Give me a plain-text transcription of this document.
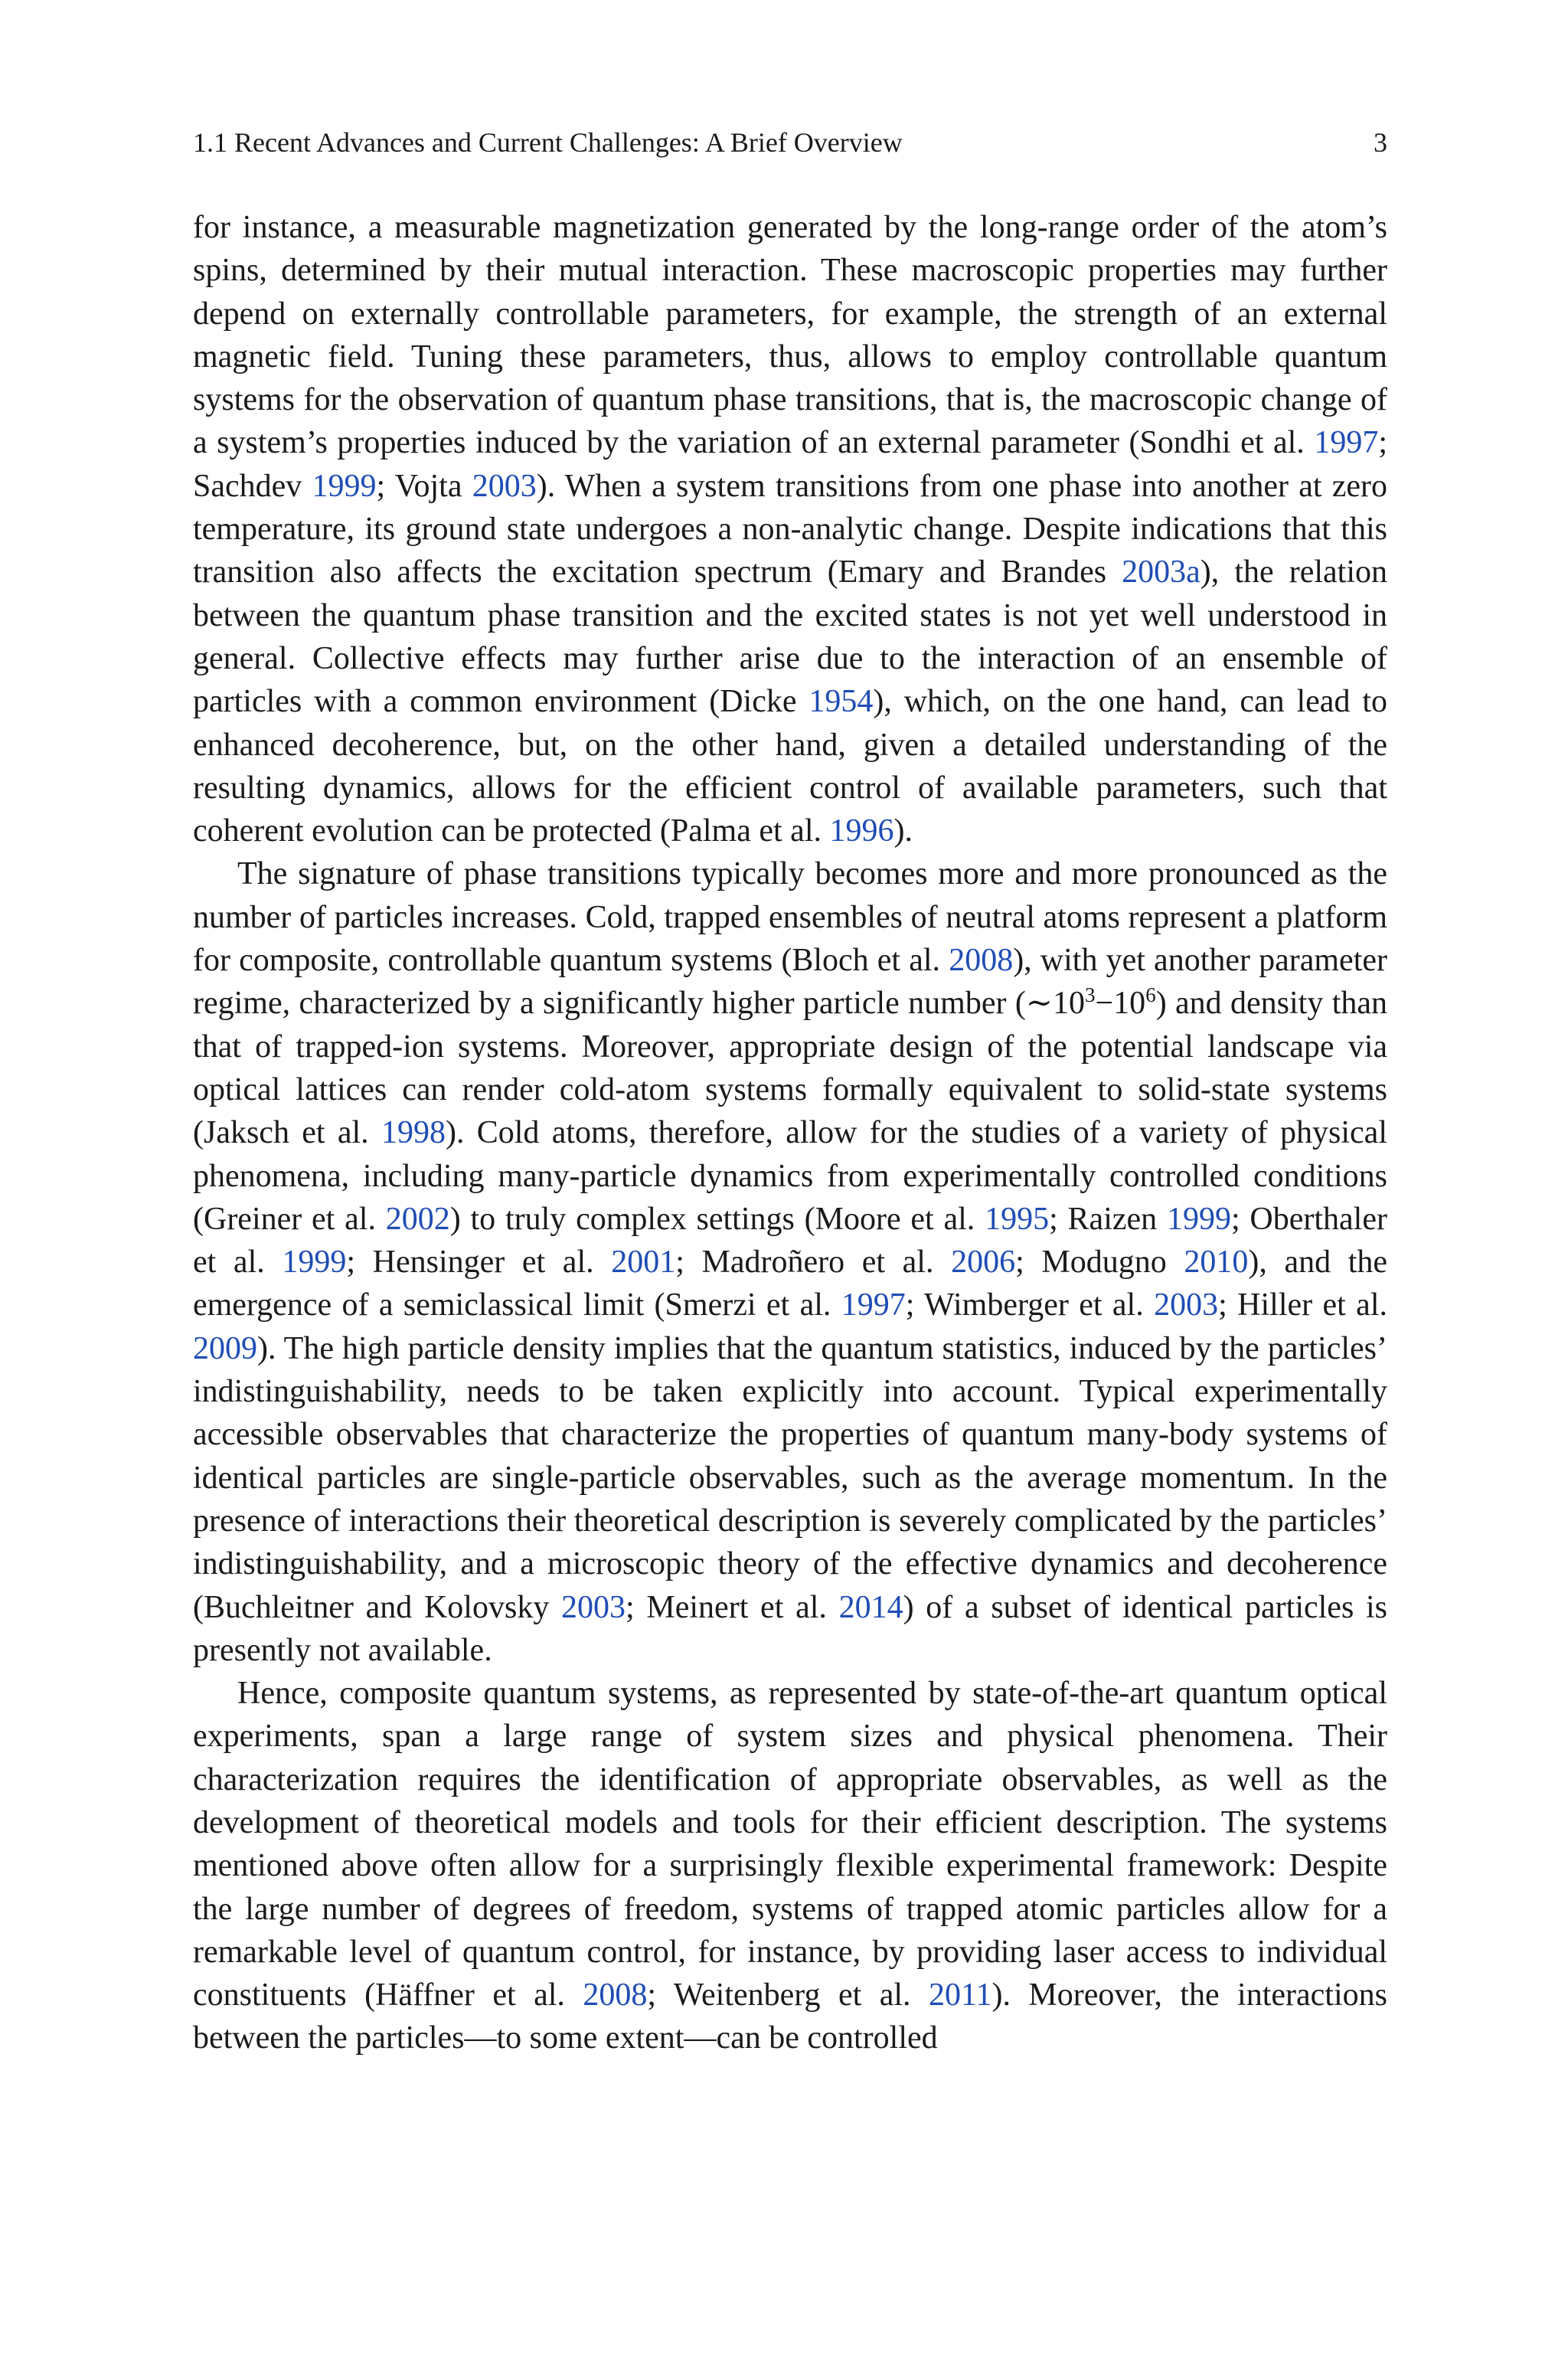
1.1 Recent Advances and Current Challenges: A Brief Overview	3

for instance, a measurable magnetization generated by the long-range order of the atom’s spins, determined by their mutual interaction. These macroscopic properties may further depend on externally controllable parameters, for example, the strength of an external magnetic field. Tuning these parameters, thus, allows to employ controllable quantum systems for the observation of quantum phase transitions, that is, the macroscopic change of a system’s properties induced by the variation of an external parameter (Sondhi et al. 1997; Sachdev 1999; Vojta 2003). When a system transitions from one phase into another at zero temperature, its ground state undergoes a non-analytic change. Despite indications that this transition also affects the excitation spectrum (Emary and Brandes 2003a), the relation between the quantum phase transition and the excited states is not yet well understood in general. Collective effects may further arise due to the interaction of an ensemble of particles with a common environment (Dicke 1954), which, on the one hand, can lead to enhanced decoherence, but, on the other hand, given a detailed understanding of the resulting dynamics, allows for the efficient control of available parameters, such that coherent evolution can be protected (Palma et al. 1996).

The signature of phase transitions typically becomes more and more pronounced as the number of particles increases. Cold, trapped ensembles of neutral atoms represent a platform for composite, controllable quantum systems (Bloch et al. 2008), with yet another parameter regime, characterized by a significantly higher particle number $(\sim 10^3-10^6)$ and density than that of trapped-ion systems. Moreover, appropriate design of the potential landscape via optical lattices can render cold-atom systems formally equivalent to solid-state systems (Jaksch et al. 1998). Cold atoms, therefore, allow for the studies of a variety of physical phenomena, including many-particle dynamics from experimentally controlled conditions (Greiner et al. 2002) to truly complex settings (Moore et al. 1995; Raizen 1999; Oberthaler et al. 1999; Hensinger et al. 2001; Madroñero et al. 2006; Modugno 2010), and the emergence of a semiclassical limit (Smerzi et al. 1997; Wimberger et al. 2003; Hiller et al. 2009). The high particle density implies that the quantum statistics, induced by the particles’ indistinguishability, needs to be taken explicitly into account. Typical experimentally accessible observables that characterize the properties of quantum many-body systems of identical particles are single-particle observables, such as the average momentum. In the presence of interactions their theoretical description is severely complicated by the particles’ indistinguishability, and a microscopic theory of the effective dynamics and decoherence (Buchleitner and Kolovsky 2003; Meinert et al. 2014) of a subset of identical particles is presently not available.

Hence, composite quantum systems, as represented by state-of-the-art quantum optical experiments, span a large range of system sizes and physical phenomena. Their characterization requires the identification of appropriate observables, as well as the development of theoretical models and tools for their efficient description. The systems mentioned above often allow for a surprisingly flexible experimental framework: Despite the large number of degrees of freedom, systems of trapped atomic particles allow for a remarkable level of quantum control, for instance, by providing laser access to individual constituents (Häffner et al. 2008; Weitenberg et al. 2011). Moreover, the interactions between the particles—to some extent—can be controlled
